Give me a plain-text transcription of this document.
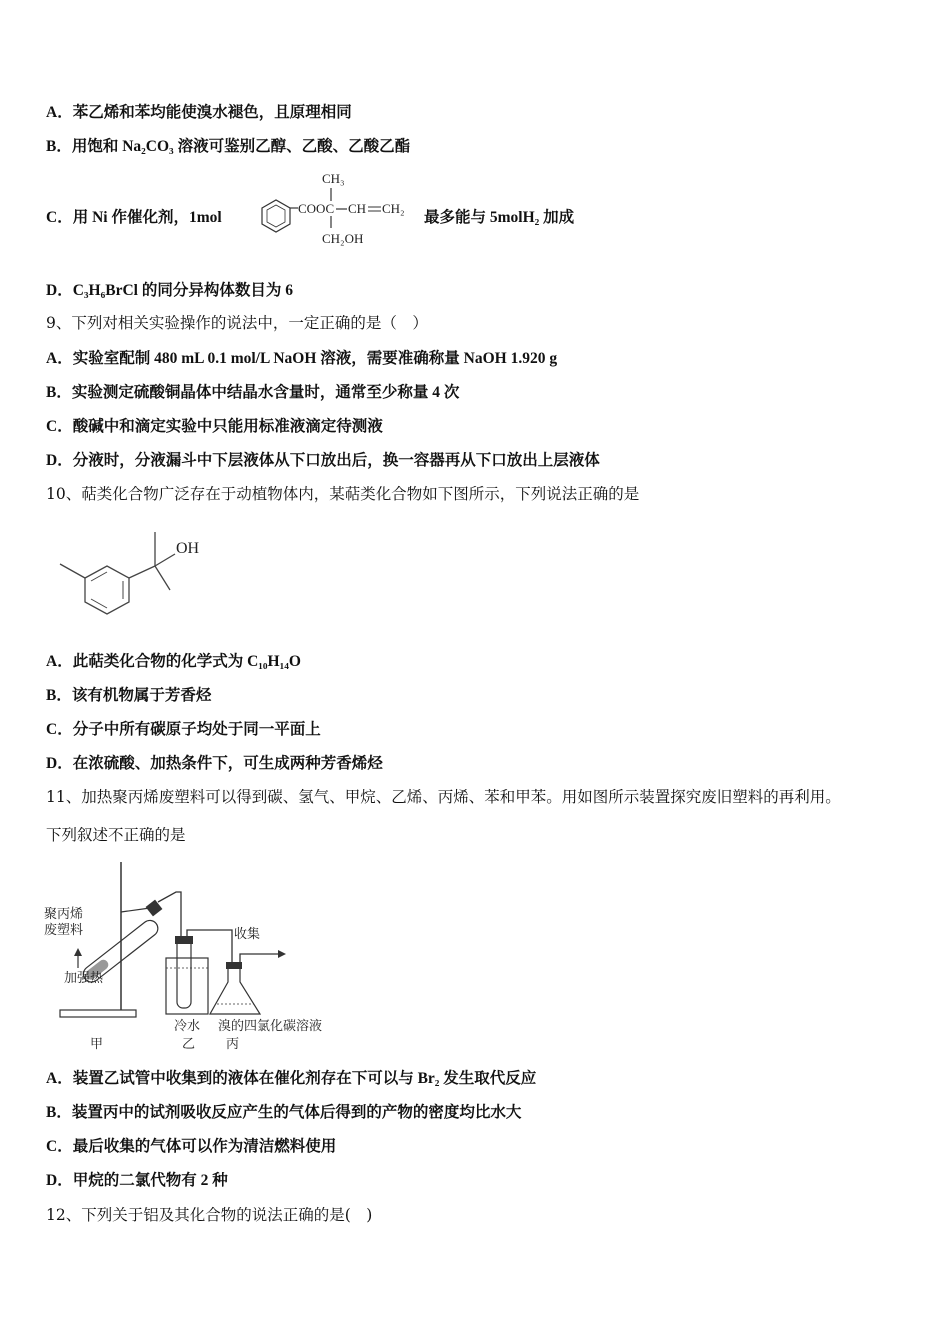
A．苯乙烯和苯均能使溴水褪色，且原理相同
B．用饱和 Na₂CO₃ 溶液可鉴别乙醇、乙酸、乙酸乙酯
C．用 Ni 作催化剂，1mol
COOC CH CH₂
CH₃
CH₂OH
最多能与 5molH₂ 加成
D．C₃H₆BrCl 的同分异构体数目为 6
9、下列对相关实验操作的说法中，一定正确的是（　）
A．实验室配制 480 mL 0.1 mol/L NaOH 溶液，需要准确称量 NaOH 1.920 g
B．实验测定硫酸铜晶体中结晶水含量时，通常至少称量 4 次
C．酸碱中和滴定实验中只能用标准液滴定待测液
D．分液时，分液漏斗中下层液体从下口放出后，换一容器再从下口放出上层液体
10、萜类化合物广泛存在于动植物体内，某萜类化合物如下图所示，下列说法正确的是
OH
A．此萜类化合物的化学式为 C₁₀H₁₄O
B．该有机物属于芳香烃
C．分子中所有碳原子均处于同一平面上
D．在浓硫酸、加热条件下，可生成两种芳香烯烃
11、加热聚丙烯废塑料可以得到碳、氢气、甲烷、乙烯、丙烯、苯和甲苯。用如图所示装置探究废旧塑料的再利用。
下列叙述不正确的是
聚丙烯
废塑料
加强热
甲
冷水
乙
收集
溴的四氯化碳溶液
丙
A．装置乙试管中收集到的液体在催化剂存在下可以与 Br₂ 发生取代反应
B．装置丙中的试剂吸收反应产生的气体后得到的产物的密度均比水大
C．最后收集的气体可以作为清洁燃料使用
D．甲烷的二氯代物有 2 种
12、下列关于铝及其化合物的说法正确的是(　)
